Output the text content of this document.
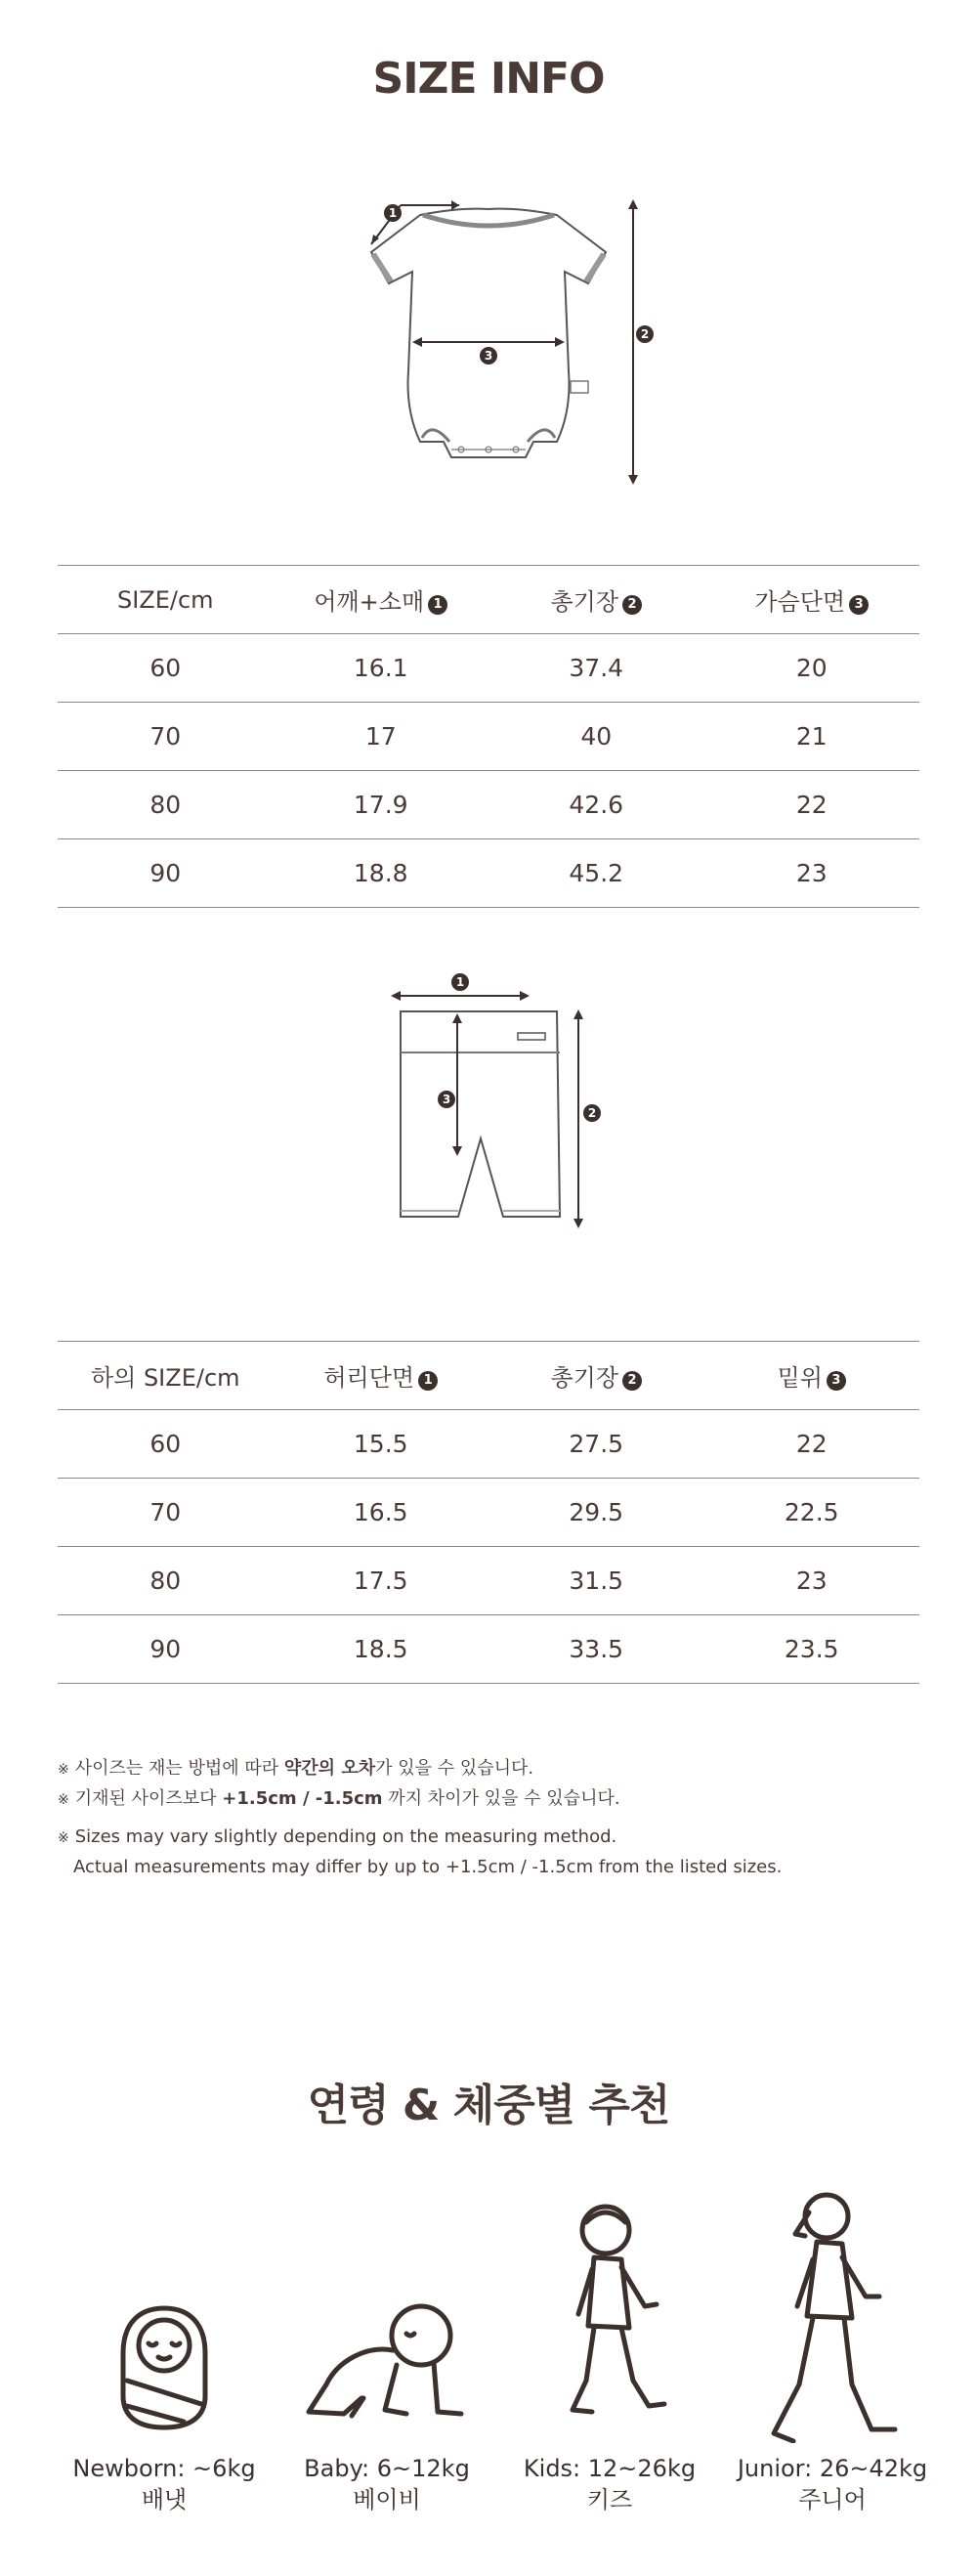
SIZE INFO
1
2
3
SIZE/cm	어깨+소매 1	총기장 2	가슴단면 3
60	16.1	37.4	20
70	17	40	21
80	17.9	42.6	22
90	18.8	45.2	23
1
3
2
하의 SIZE/cm	허리단면 1	총기장 2	밑위 3
60	15.5	27.5	22
70	16.5	29.5	22.5
80	17.5	31.5	23
90	18.5	33.5	23.5
※ 사이즈는 재는 방법에 따라 약간의 오차가 있을 수 있습니다.
※ 기재된 사이즈보다 +1.5cm / -1.5cm 까지 차이가 있을 수 있습니다.
※ Sizes may vary slightly depending on the measuring method.
Actual measurements may differ by up to +1.5cm / -1.5cm from the listed sizes.
연령 & 체중별 추천
Newborn: ~6kg
배냇
Baby: 6~12kg
베이비
Kids: 12~26kg
키즈
Junior: 26~42kg
주니어
